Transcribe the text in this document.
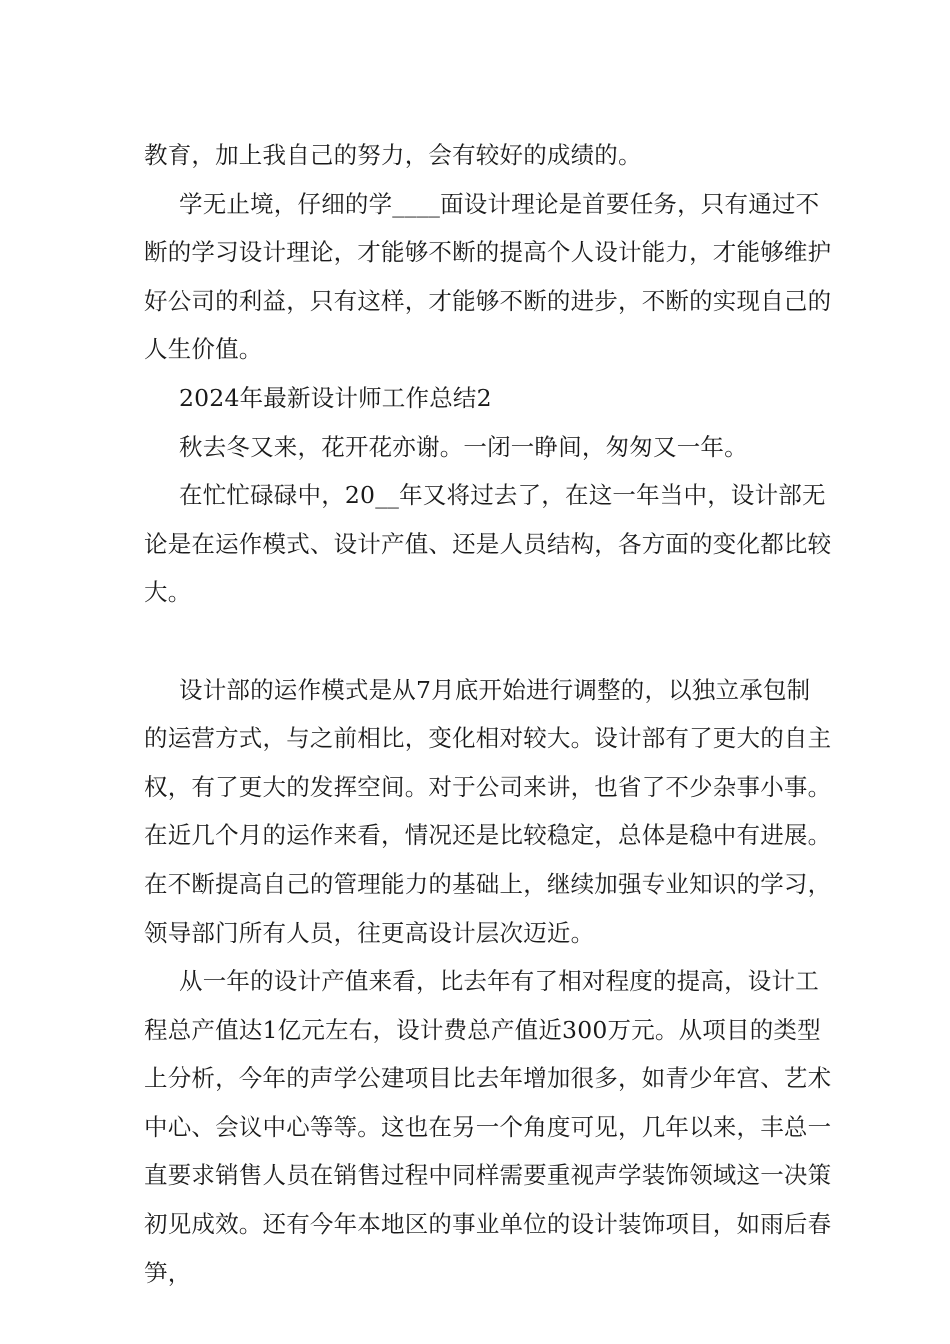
教育，加上我自己的努力，会有较好的成绩的。

学无止境，仔细的学____面设计理论是首要任务，只有通过不断的学习设计理论，才能够不断的提高个人设计能力，才能够维护好公司的利益，只有这样，才能够不断的进步，不断的实现自己的人生价值。

2024年最新设计师工作总结2

秋去冬又来，花开花亦谢。一闭一睁间，匆匆又一年。

在忙忙碌碌中，20__年又将过去了，在这一年当中，设计部无论是在运作模式、设计产值、还是人员结构，各方面的变化都比较大。

设计部的运作模式是从7月底开始进行调整的，以独立承包制的运营方式，与之前相比，变化相对较大。设计部有了更大的自主权，有了更大的发挥空间。对于公司来讲，也省了不少杂事小事。在近几个月的运作来看，情况还是比较稳定，总体是稳中有进展。在不断提高自己的管理能力的基础上，继续加强专业知识的学习，领导部门所有人员，往更高设计层次迈近。

从一年的设计产值来看，比去年有了相对程度的提高，设计工程总产值达1亿元左右，设计费总产值近300万元。从项目的类型上分析，今年的声学公建项目比去年增加很多，如青少年宫、艺术中心、会议中心等等。这也在另一个角度可见，几年以来，丰总一直要求销售人员在销售过程中同样需要重视声学装饰领域这一决策初见成效。还有今年本地区的事业单位的设计装饰项目，如雨后春笋，
